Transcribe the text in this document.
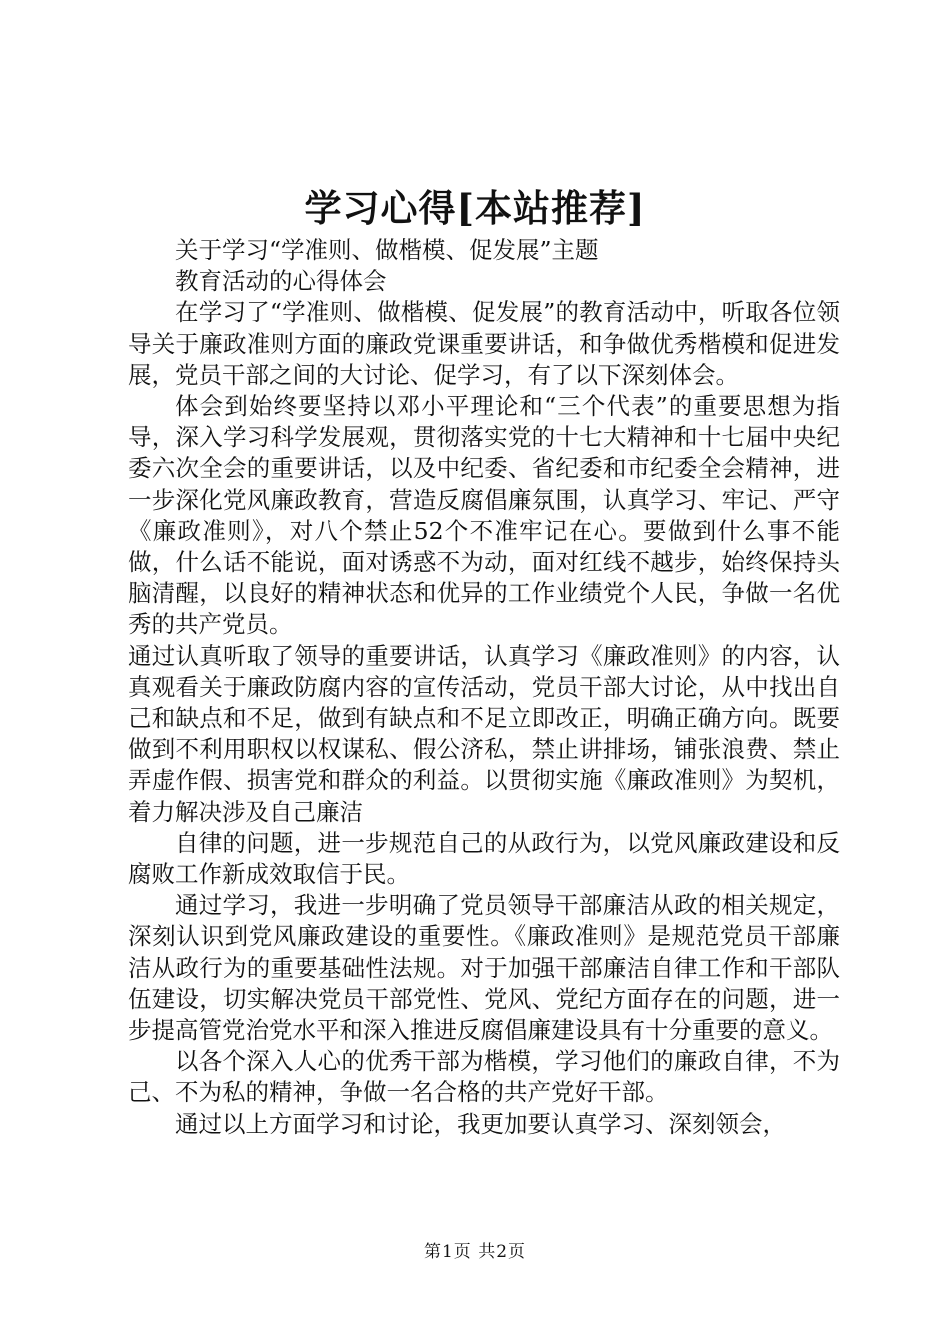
学习心得[本站推荐]

关于学习“学准则、做楷模、促发展”主题

教育活动的心得体会

在学习了“学准则、做楷模、促发展”的教育活动中，听取各位领导关于廉政准则方面的廉政党课重要讲话，和争做优秀楷模和促进发展，党员干部之间的大讨论、促学习，有了以下深刻体会。

体会到始终要坚持以邓小平理论和“三个代表”的重要思想为指导，深入学习科学发展观，贯彻落实党的十七大精神和十七届中央纪委六次全会的重要讲话，以及中纪委、省纪委和市纪委全会精神，进一步深化党风廉政教育，营造反腐倡廉氛围，认真学习、牢记、严守《廉政准则》，对八个禁止52个不准牢记在心。要做到什么事不能做，什么话不能说，面对诱惑不为动，面对红线不越步，始终保持头脑清醒，以良好的精神状态和优异的工作业绩党个人民，争做一名优秀的共产党员。

通过认真听取了领导的重要讲话，认真学习《廉政准则》的内容，认真观看关于廉政防腐内容的宣传活动，党员干部大讨论，从中找出自己和缺点和不足，做到有缺点和不足立即改正，明确正确方向。既要做到不利用职权以权谋私、假公济私，禁止讲排场，铺张浪费、禁止弄虚作假、损害党和群众的利益。以贯彻实施《廉政准则》为契机，着力解决涉及自己廉洁

自律的问题，进一步规范自己的从政行为，以党风廉政建设和反腐败工作新成效取信于民。

通过学习，我进一步明确了党员领导干部廉洁从政的相关规定，深刻认识到党风廉政建设的重要性。《廉政准则》是规范党员干部廉洁从政行为的重要基础性法规。对于加强干部廉洁自律工作和干部队伍建设，切实解决党员干部党性、党风、党纪方面存在的问题，进一步提高管党治党水平和深入推进反腐倡廉建设具有十分重要的意义。

以各个深入人心的优秀干部为楷模，学习他们的廉政自律，不为己、不为私的精神，争做一名合格的共产党好干部。

通过以上方面学习和讨论，我更加要认真学习、深刻领会，

第1页 共2页
